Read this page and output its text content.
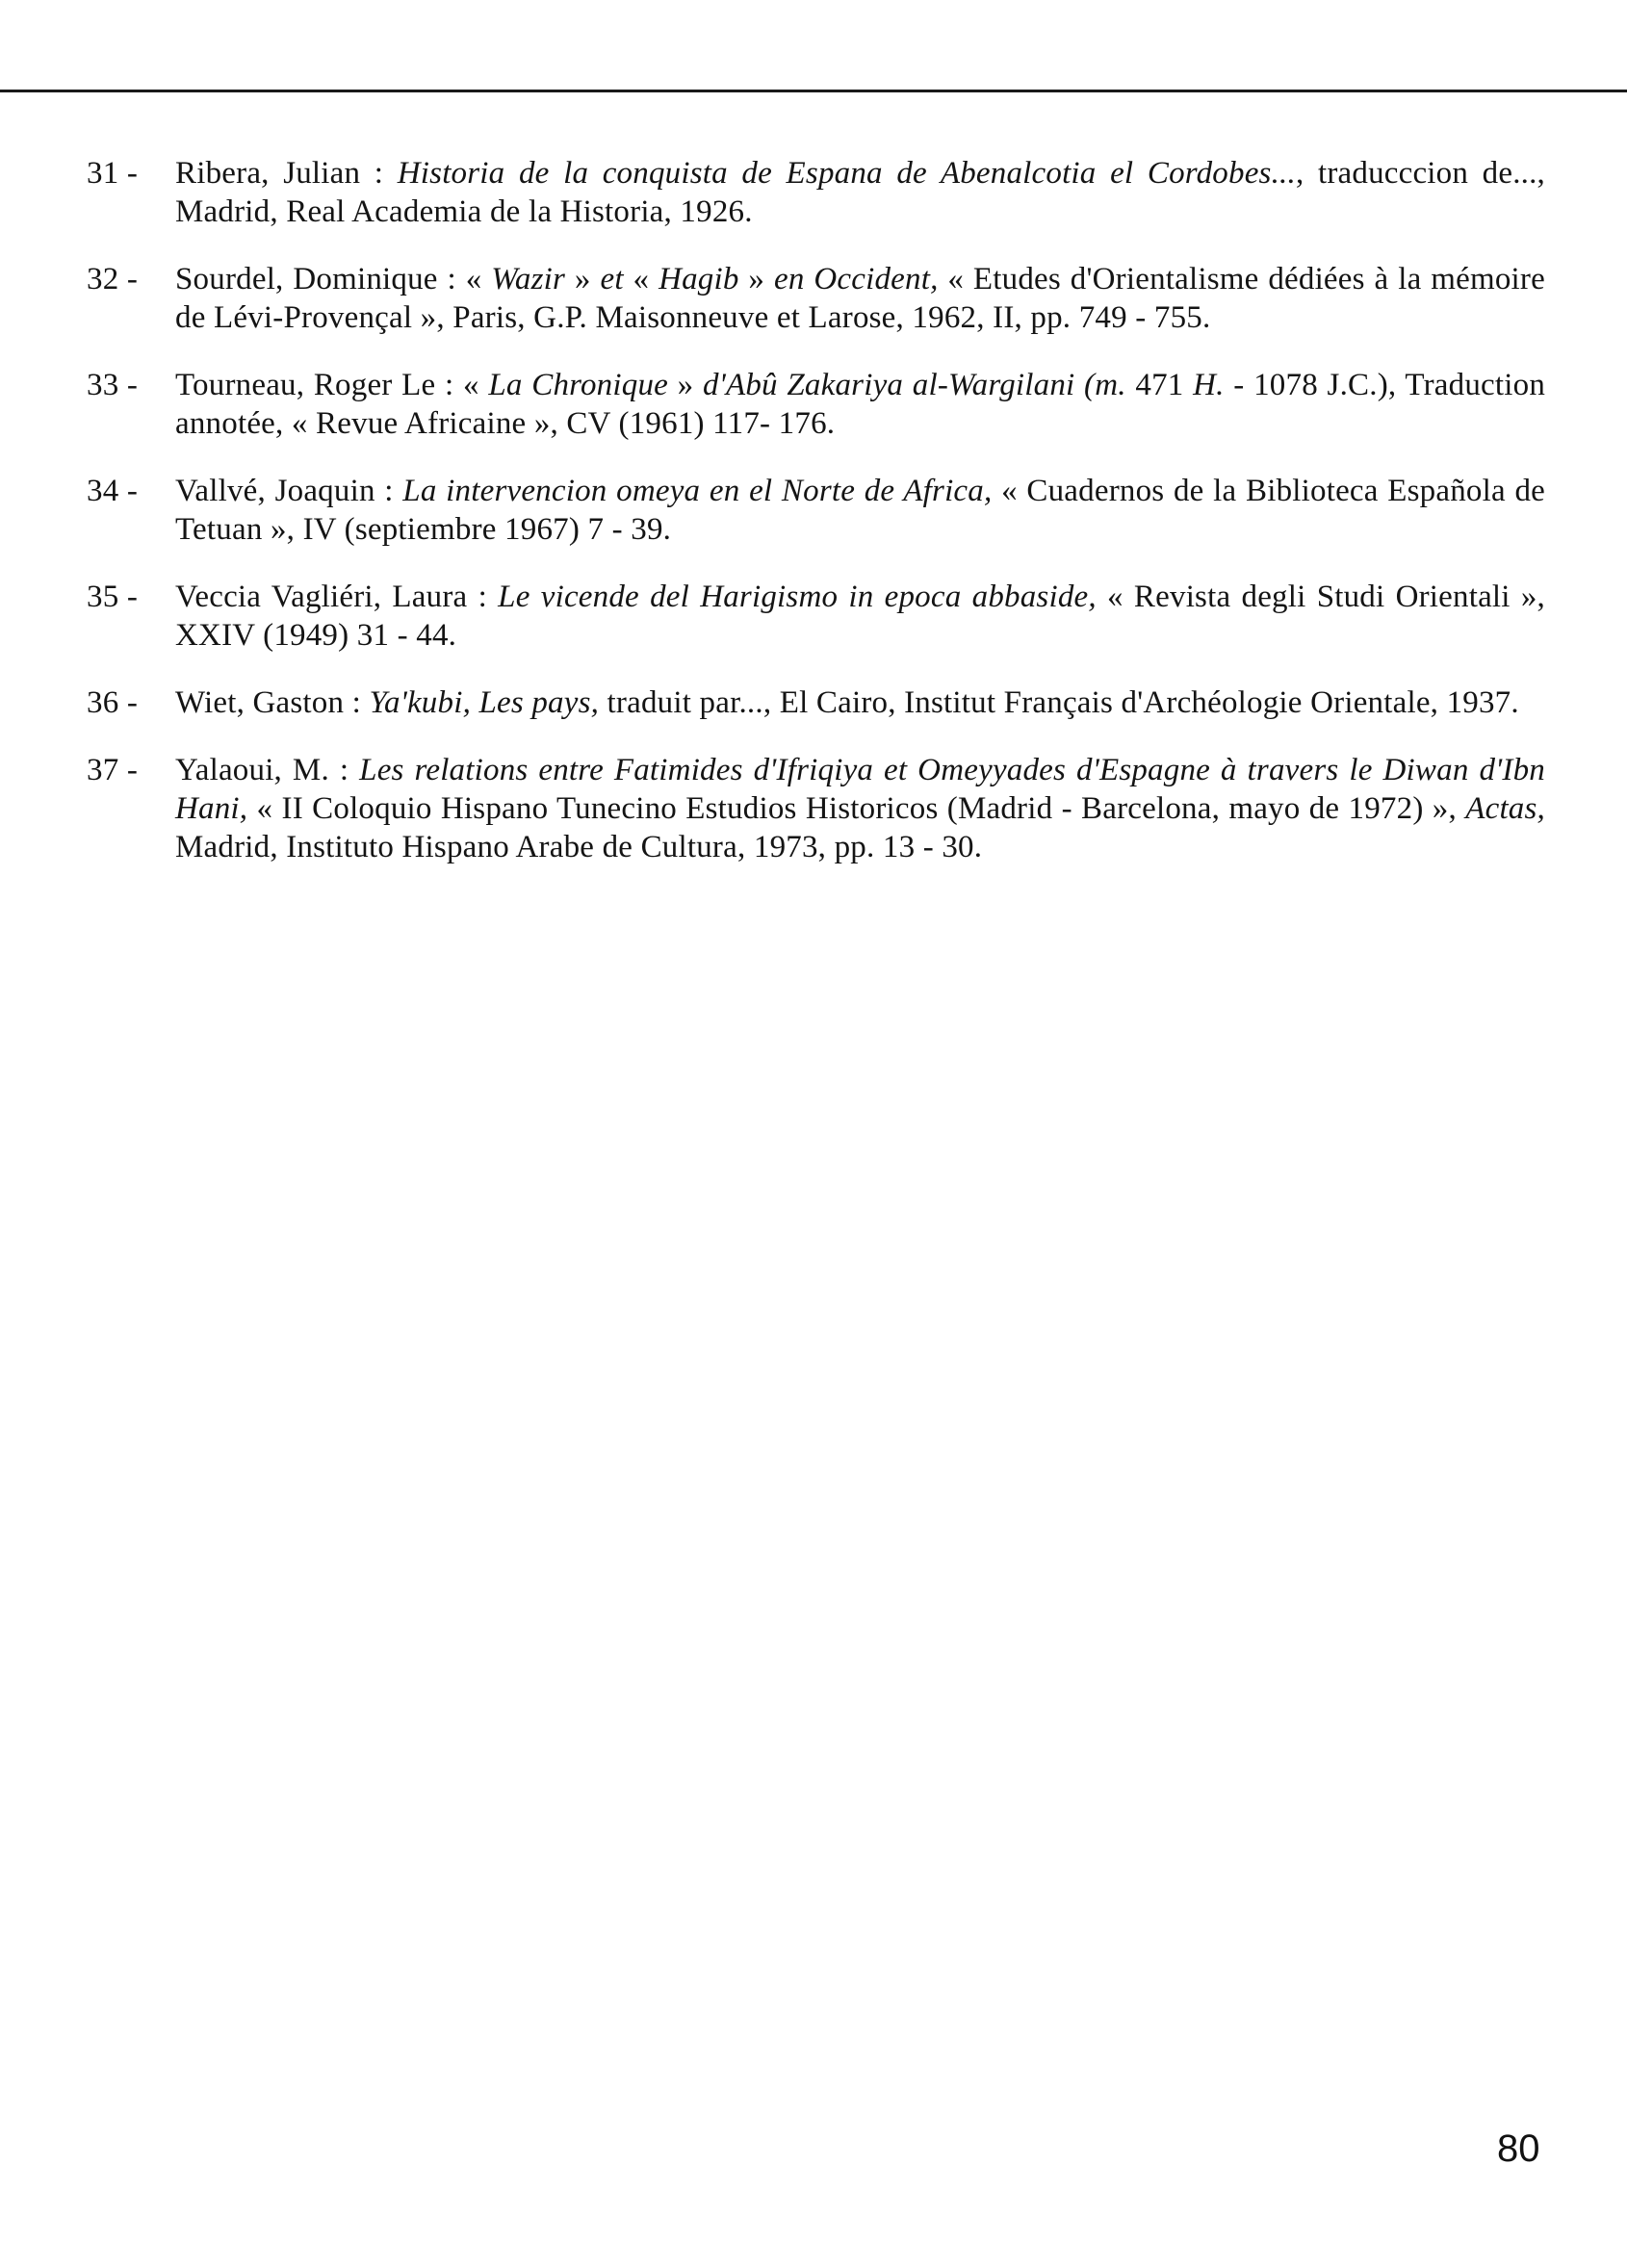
31 - Ribera, Julian : Historia de la conquista de Espana de Abenalcotia el Cordobes..., traducccion de..., Madrid, Real Academia de la Historia, 1926.
32 - Sourdel, Dominique : « Wazir » et « Hagib » en Occident, « Etudes d'Orientalisme dédiées à la mémoire de Lévi-Provençal », Paris, G.P. Maisonneuve et Larose, 1962, II, pp. 749 - 755.
33 - Tourneau, Roger Le : « La Chronique » d'Abû Zakariya al-Wargilani (m. 471 H. - 1078 J.C.), Traduction annotée, « Revue Africaine », CV (1961) 117- 176.
34 - Vallvé, Joaquin : La intervencion omeya en el Norte de Africa, « Cuadernos de la Biblioteca Española de Tetuan », IV (septiembre 1967) 7 - 39.
35 - Veccia Vagliéri, Laura : Le vicende del Harigismo in epoca abbaside, « Revista degli Studi Orientali », XXIV (1949) 31 - 44.
36 - Wiet, Gaston : Ya'kubi, Les pays, traduit par..., El Cairo, Institut Français d'Archéologie Orientale, 1937.
37 - Yalaoui, M. : Les relations entre Fatimides d'Ifriqiya et Omeyyades d'Espagne à travers le Diwan d'Ibn Hani, « II Coloquio Hispano Tunecino Estudios Historicos (Madrid - Barcelona, mayo de 1972) », Actas, Madrid, Instituto Hispano Arabe de Cultura, 1973, pp. 13 - 30.
80
